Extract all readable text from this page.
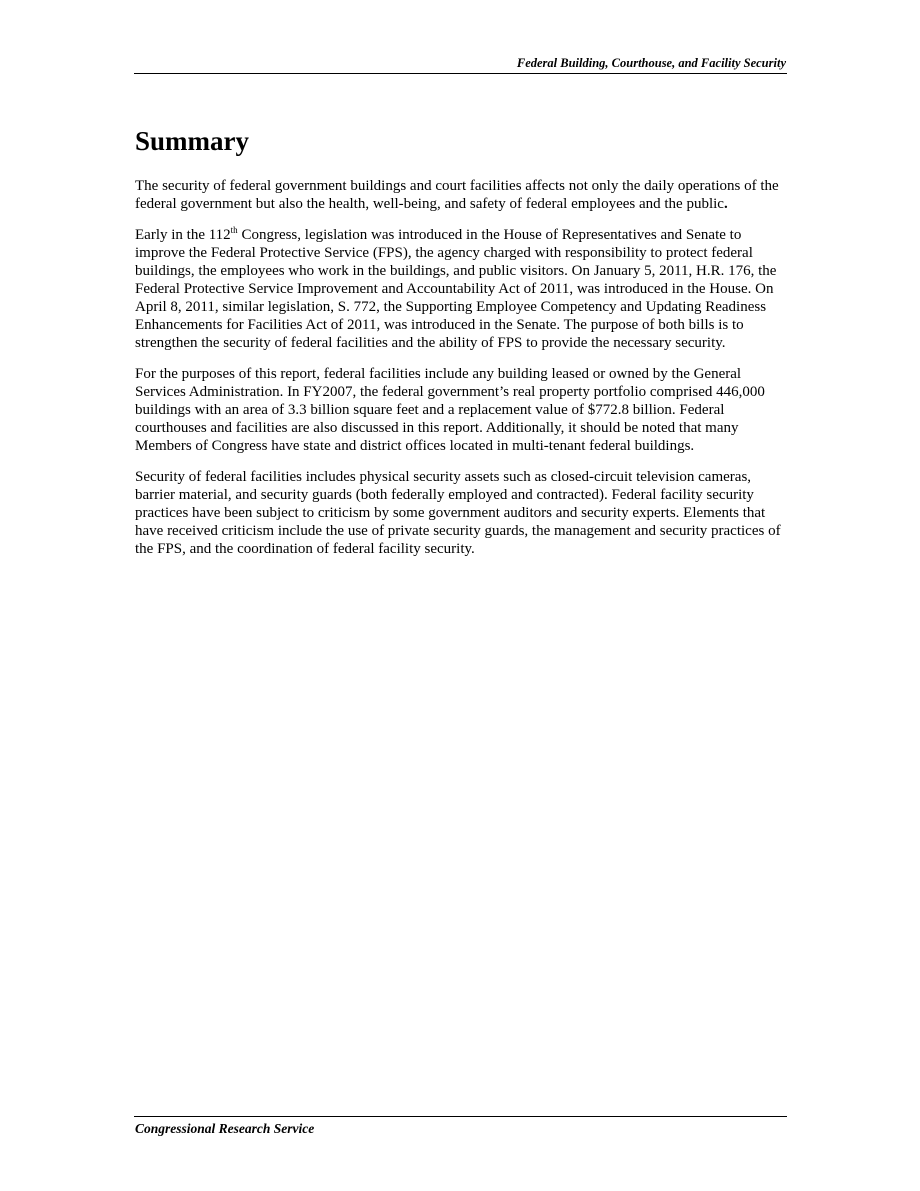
Federal Building, Courthouse, and Facility Security
Summary

The security of federal government buildings and court facilities affects not only the daily operations of the federal government but also the health, well-being, and safety of federal employees and the public.

Early in the 112th Congress, legislation was introduced in the House of Representatives and Senate to improve the Federal Protective Service (FPS), the agency charged with responsibility to protect federal buildings, the employees who work in the buildings, and public visitors. On January 5, 2011, H.R. 176, the Federal Protective Service Improvement and Accountability Act of 2011, was introduced in the House. On April 8, 2011, similar legislation, S. 772, the Supporting Employee Competency and Updating Readiness Enhancements for Facilities Act of 2011, was introduced in the Senate. The purpose of both bills is to strengthen the security of federal facilities and the ability of FPS to provide the necessary security.

For the purposes of this report, federal facilities include any building leased or owned by the General Services Administration. In FY2007, the federal government’s real property portfolio comprised 446,000 buildings with an area of 3.3 billion square feet and a replacement value of $772.8 billion. Federal courthouses and facilities are also discussed in this report. Additionally, it should be noted that many Members of Congress have state and district offices located in multi-tenant federal buildings.

Security of federal facilities includes physical security assets such as closed-circuit television cameras, barrier material, and security guards (both federally employed and contracted). Federal facility security practices have been subject to criticism by some government auditors and security experts. Elements that have received criticism include the use of private security guards, the management and security practices of the FPS, and the coordination of federal facility security.

Congressional Research Service
